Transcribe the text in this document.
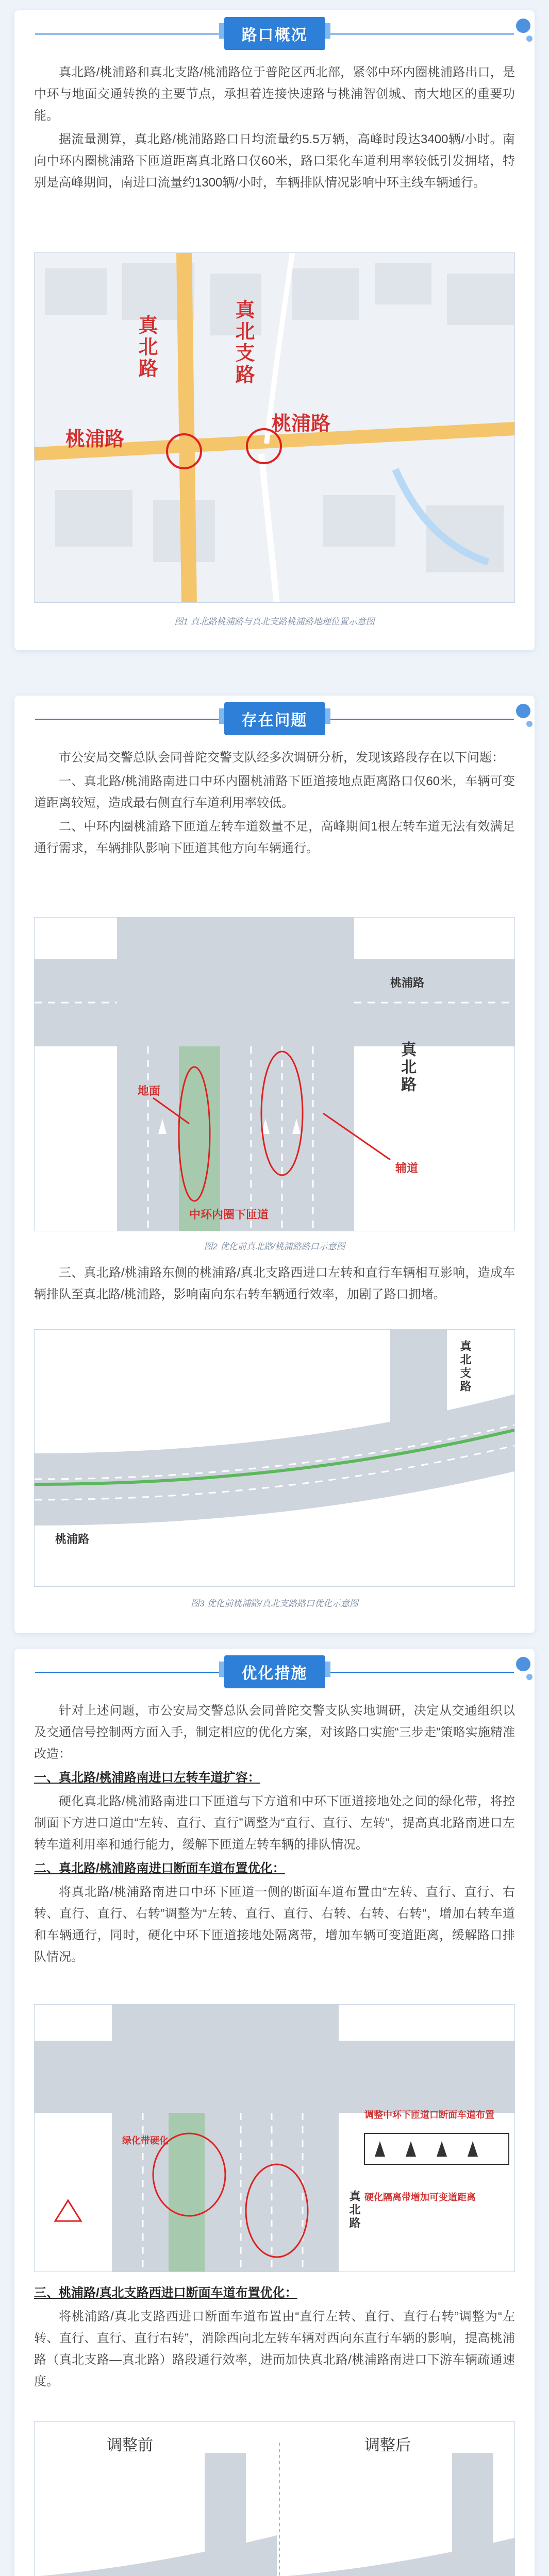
路口概况

真北路/桃浦路和真北支路/桃浦路位于普陀区西北部，紧邻中环内圈桃浦路出口，是中环与地面交通转换的主要节点，承担着连接快速路与桃浦智创城、南大地区的重要功能。

据流量测算，真北路/桃浦路路口日均流量约5.5万辆，高峰时段达3400辆/小时。南向中环内圈桃浦路下匝道距离真北路口仅60米，路口渠化车道利用率较低引发拥堵，特别是高峰期间，南进口流量约1300辆/小时，车辆排队情况影响中环主线车辆通行。

真北路	真北支路
桃浦路
桃浦路
图1 真北路桃浦路与真北支路桃浦路地理位置示意图
存在问题

市公安局交警总队会同普陀交警支队经多次调研分析，发现该路段存在以下问题：

一、真北路/桃浦路南进口中环内圈桃浦路下匝道接地点距离路口仅60米，车辆可变道距离较短，造成最右侧直行车道利用率较低。

二、中环内圈桃浦路下匝道左转车道数量不足，高峰期间1根左转车道无法有效满足通行需求，车辆排队影响下匝道其他方向车辆通行。

桃浦路
真北路
地面
中环内圈下匝道
辅道
图2 优化前真北路/桃浦路路口示意图

三、真北路/桃浦路东侧的桃浦路/真北支路西进口左转和直行车辆相互影响，造成车辆排队至真北路/桃浦路，影响南向东右转车辆通行效率，加剧了路口拥堵。

桃浦路
真北支路
图3 优化前桃浦路/真北支路路口优化示意图
优化措施

针对上述问题，市公安局交警总队会同普陀交警支队实地调研，决定从交通组织以及交通信号控制两方面入手，制定相应的优化方案，对该路口实施“三步走”策略实施精准改造：

一、真北路/桃浦路南进口左转车道扩容：

硬化真北路/桃浦路南进口下匝道与下方道和中环下匝道接地处之间的绿化带，将控制面下方进口道由“左转、直行、直行”调整为“直行、直行、左转”，提高真北路南进口左转车道利用率和通行能力，缓解下匝道左转车辆的排队情况。

二、真北路/桃浦路南进口断面车道布置优化：

将真北路/桃浦路南进口中环下匝道一侧的断面车道布置由“左转、直行、直行、右转、直行、直行、右转”调整为“左转、直行、直行、右转、右转、右转”，增加右转车道和车辆通行，同时，硬化中环下匝道接地处隔离带，增加车辆可变道距离，缓解路口排队情况。

绿化带硬化
调整中环下匝道口断面车道布置
硬化隔离带增加可变道距离
真北路

三、桃浦路/真北支路西进口断面车道布置优化：

将桃浦路/真北支路西进口断面车道布置由“直行左转、直行、直行右转”调整为“左转、直行、直行、直行右转”，消除西向北左转车辆对西向东直行车辆的影响，提高桃浦路（真北支路—真北路）路段通行效率，进而加快真北路/桃浦路南进口下游车辆疏通速度。

调整前	调整后
